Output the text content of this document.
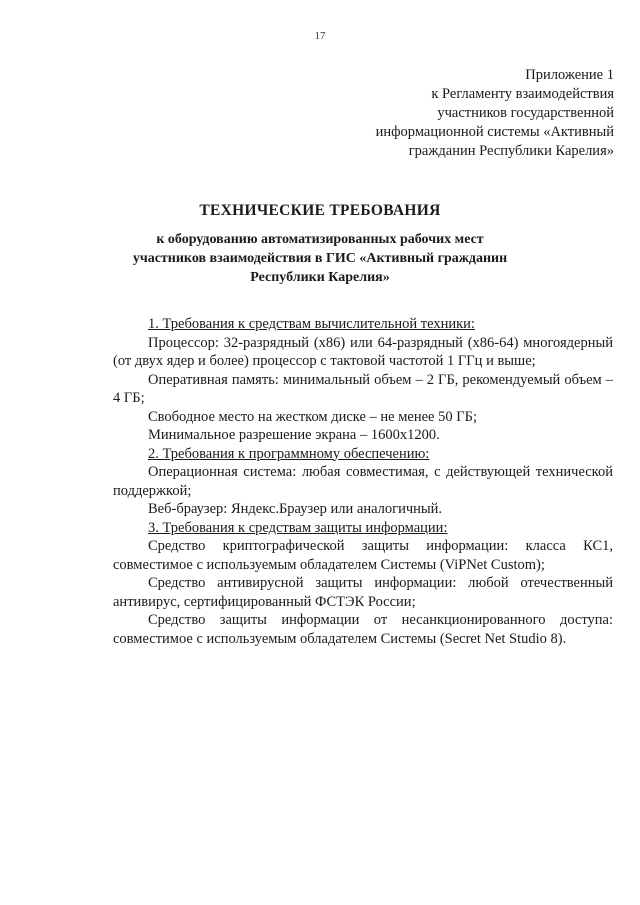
17
Приложение 1
к Регламенту взаимодействия
участников государственной
информационной системы «Активный
гражданин Республики Карелия»
ТЕХНИЧЕСКИЕ ТРЕБОВАНИЯ
к оборудованию автоматизированных рабочих мест
участников взаимодействия в ГИС «Активный гражданин
Республики Карелия»

1. Требования к средствам вычислительной техники:

Процессор: 32-разрядный (x86) или 64-разрядный (x86-64) многоядерный (от двух ядер и более) процессор с тактовой частотой 1 ГГц и выше;

Оперативная память: минимальный объем – 2 ГБ, рекомендуемый объем – 4 ГБ;

Свободное место на жестком диске – не менее 50 ГБ;

Минимальное разрешение экрана – 1600x1200.

2. Требования к программному обеспечению:

Операционная система: любая совместимая, с действующей технической поддержкой;

Веб-браузер: Яндекс.Браузер или аналогичный.

3. Требования к средствам защиты информации:

Средство криптографической защиты информации: класса КС1, совместимое с используемым обладателем Системы (ViPNet Custom);

Средство антивирусной защиты информации: любой отечественный антивирус, сертифицированный ФСТЭК России;

Средство защиты информации от несанкционированного доступа: совместимое с используемым обладателем Системы (Secret Net Studio 8).
